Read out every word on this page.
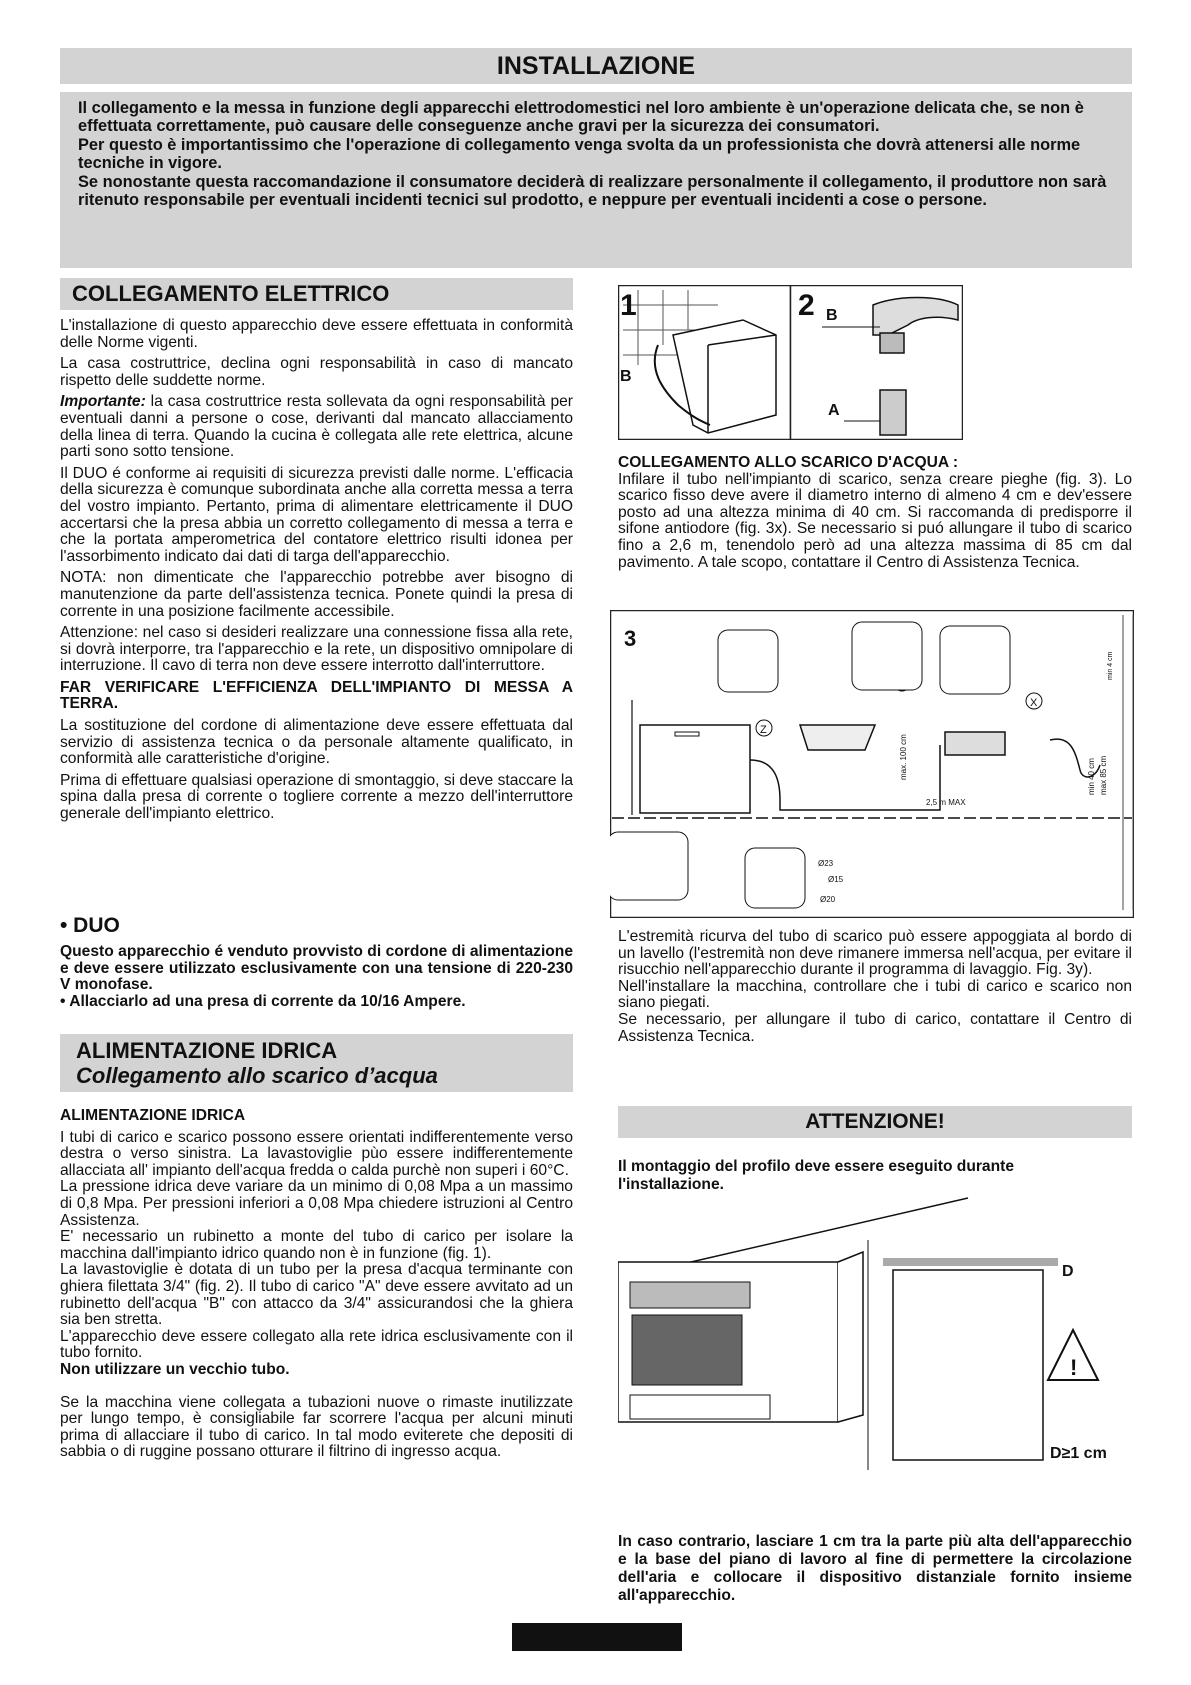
INSTALLAZIONE

Il collegamento e la messa in funzione degli apparecchi elettrodomestici nel loro ambiente è un'operazione delicata che, se non è effettuata correttamente, può causare delle conseguenze anche gravi per la sicurezza dei consumatori.

Per questo è importantissimo che l'operazione di collegamento venga svolta da un professionista che dovrà attenersi alle norme tecniche in vigore.

Se nonostante questa raccomandazione il consumatore deciderà di realizzare personalmente il collegamento, il produttore non sarà ritenuto responsabile per eventuali incidenti tecnici sul prodotto, e neppure per eventuali incidenti a cose o persone.

COLLEGAMENTO ELETTRICO

L'installazione di questo apparecchio deve essere effettuata in conformità delle Norme vigenti.

La casa costruttrice, declina ogni responsabilità in caso di mancato rispetto delle suddette norme.

Importante: la casa costruttrice resta sollevata da ogni responsabilità per eventuali danni a persone o cose, derivanti dal mancato allacciamento della linea di terra. Quando la cucina è collegata alle rete elettrica, alcune parti sono sotto tensione.

Il DUO é conforme ai requisiti di sicurezza previsti dalle norme. L'efficacia della sicurezza è comunque subordinata anche alla corretta messa a terra del vostro impianto. Pertanto, prima di alimentare elettricamente il DUO accertarsi che la presa abbia un corretto collegamento di messa a terra e che la portata amperometrica del contatore elettrico risulti idonea per l'assorbimento indicato dai dati di targa dell'apparecchio.

NOTA: non dimenticate che l'apparecchio potrebbe aver bisogno di manutenzione da parte dell'assistenza tecnica. Ponete quindi la presa di corrente in una posizione facilmente accessibile.

Attenzione: nel caso si desideri realizzare una connessione fissa alla rete, si dovrà interporre, tra l'apparecchio e la rete, un dispositivo omnipolare di interruzione. Il cavo di terra non deve essere interrotto dall'interruttore.

FAR VERIFICARE L'EFFICIENZA DELL'IMPIANTO DI MESSA A TERRA.

La sostituzione del cordone di alimentazione deve essere effettuata dal servizio di assistenza tecnica o da personale altamente qualificato, in conformità alle caratteristiche d'origine.

Prima di effettuare qualsiasi operazione di smontaggio, si deve staccare la spina dalla presa di corrente o togliere corrente a mezzo dell'interruttore generale dell'impianto elettrico.

• DUO

Questo apparecchio é venduto provvisto di cordone di alimentazione e deve essere utilizzato esclusivamente con una tensione di 220-230 V monofase.

• Allacciarlo ad una presa di corrente da 10/16 Ampere.

ALIMENTAZIONE IDRICA
Collegamento allo scarico d’acqua

ALIMENTAZIONE IDRICA

I tubi di carico e scarico possono essere orientati indifferentemente verso destra o verso sinistra. La lavastoviglie pùo essere indifferentemente allacciata all' impianto dell'acqua fredda o calda purchè non superi i 60°C.

La pressione idrica deve variare da un minimo di 0,08 Mpa a un massimo di 0,8 Mpa. Per pressioni inferiori a 0,08 Mpa chiedere istruzioni al Centro Assistenza.

E' necessario un rubinetto a monte del tubo di carico per isolare la macchina dall'impianto idrico quando non è in funzione (fig. 1).

La lavastoviglie è dotata di un tubo per la presa d'acqua terminante con ghiera filettata 3/4" (fig. 2). Il tubo di carico "A" deve essere avvitato ad un rubinetto dell'acqua "B" con attacco da 3/4" assicurandosi che la ghiera sia ben stretta.

L'apparecchio deve essere collegato alla rete idrica esclusivamente con il tubo fornito.

Non utilizzare un vecchio tubo.

Se la macchina viene collegata a tubazioni nuove o rimaste inutilizzate per lungo tempo, è consigliabile far scorrere l'acqua per alcuni minuti prima di allacciare il tubo di carico. In tal modo eviterete che depositi di sabbia o di ruggine possano otturare il filtrino di ingresso acqua.

1
B
2 B
A

COLLEGAMENTO ALLO SCARICO D'ACQUA :

Infilare il tubo nell'impianto di scarico, senza creare pieghe (fig. 3). Lo scarico fisso deve avere il diametro interno di almeno 4 cm e dev'essere posto ad una altezza minima di 40 cm. Si raccomanda di predisporre il sifone antiodore (fig. 3x). Se necessario si puó allungare il tubo di scarico fino a 2,6 m, tenendolo però ad una altezza massima di 85 cm dal pavimento. A tale scopo, contattare il Centro di Assistenza Tecnica.

3
Z
X
max. 100 cm
2,5 m MAX
min 40 cm max 85 cm
min 4 cm
Ø23
Ø15
Ø20

L'estremità ricurva del tubo di scarico può essere appoggiata al bordo di un lavello (l'estremità non deve rimanere immersa nell'acqua, per evitare il risucchio nell'apparecchio durante il programma di lavaggio. Fig. 3y).

Nell'installare la macchina, controllare che i tubi di carico e scarico non siano piegati.

Se necessario, per allungare il tubo di carico, contattare il Centro di Assistenza Tecnica.

ATTENZIONE!
Il montaggio del profilo deve essere eseguito durante l'installazione.
D
!
D≥1 cm
In caso contrario, lasciare 1 cm tra la parte più alta dell'apparecchio e la base del piano di lavoro al fine di permettere la circolazione dell'aria e collocare il dispositivo distanziale fornito insieme all'apparecchio.
